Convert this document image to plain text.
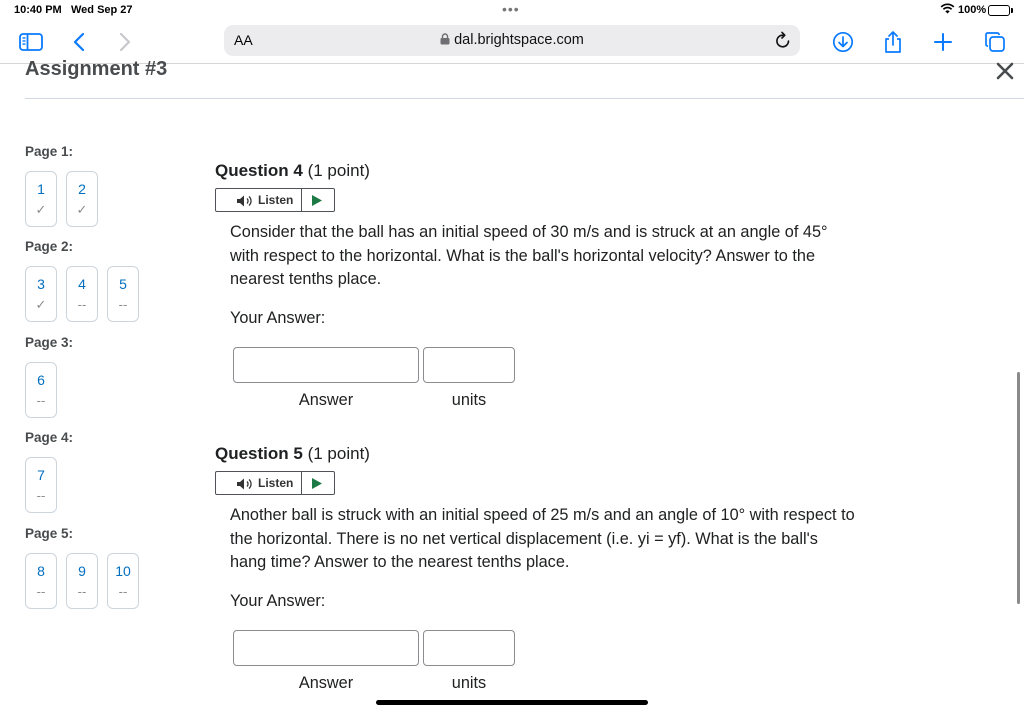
10:40 PM Wed Sep 27	•••	100%
AA	dal.brightspace.com
Assignment #3
Page 1:
1
✓
2
✓
Page 2:
3
✓
4
--
5
--
Page 3:
6
--
Page 4:
7
--
Page 5:
8
--
9
--
10
--
Question 4 (1 point)
Listen
Consider that the ball has an initial speed of 30 m/s and is struck at an angle of 45° with respect to the horizontal. What is the ball's horizontal velocity? Answer to the nearest tenths place.
Your Answer:
Answer	units
Question 5 (1 point)
Listen
Another ball is struck with an initial speed of 25 m/s and an angle of 10° with respect to the horizontal. There is no net vertical displacement (i.e. yi = yf). What is the ball's hang time? Answer to the nearest tenths place.
Your Answer:
Answer	units
